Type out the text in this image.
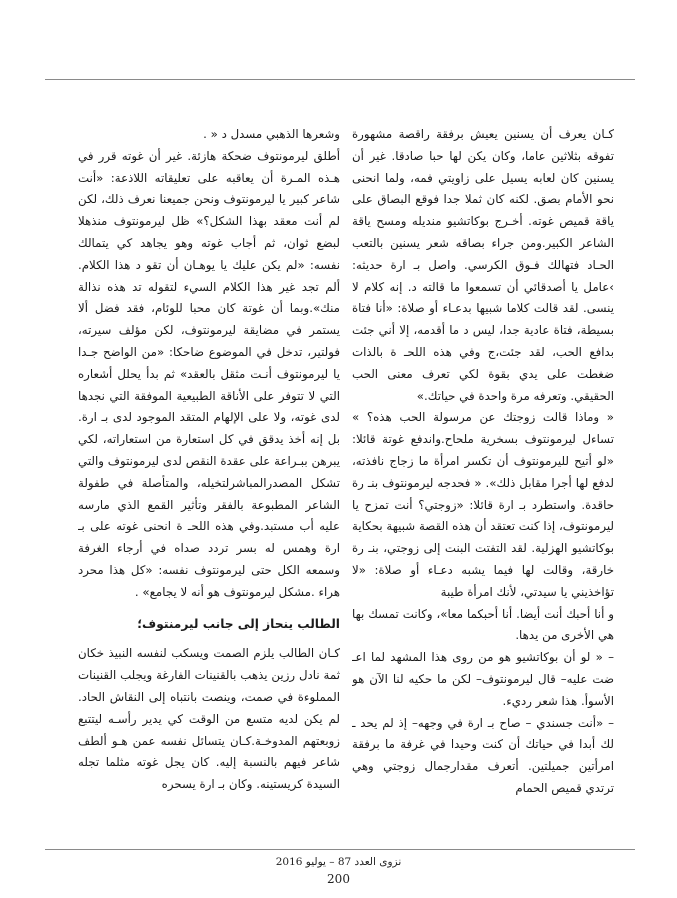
كـان يعرف أن يسنين يعيش برفقة راقصة مشهورة تفوقه بثلاثين عاما، وكان يكن لها حبا صادقا. غير أن يسنين كان لعابه يسيل على زاويتي فمه، ولما انحنى نحو الأمام بصق. لكنه كان ثملا جدا فوقع البصاق على ياقة قميص غوته. أخـرج بوكاتشيو منديله ومسح ياقة الشاعر الكبير.ومن جراء بصاقه شعر يسنين بالتعب الحـاد فتهالك فـوق الكرسي. واصل بـ ارة حديثه: ›عامل يا أصدقائي أن تسمعوا ما قالته د. إنه كلام لا ينسى. لقد قالت كلاما شبيها بدعـاء أو صلاة: «أنا فتاة بسيطة، فتاة عادية جدا، ليس د ما أقدمه، إلا أني جئت بدافع الحب، لقد جئت،ج وفي هذه اللحـ ة بالذات ضغطت على يدي بقوة لكي تعرف معنى الحب الحقيقي. وتعرفه مرة واحدة في حياتك.»

« وماذا قالت زوجتك عن مرسولة الحب هذه؟ » تساءل ليرمونتوف بسخرية ملحاح.واندفع غوتة قائلا: «لو أتيح لليرمونتوف أن تكسر امرأة ما زجاج نافذته، لدفع لها أجرا مقابل ذلك». « فحدجه ليرمونتوف بنـ رة حاقدة. واستطرد بـ ارة قائلا: «زوجتي؟ أنت تمزح يا ليرمونتوف، إذا كنت تعتقد أن هذه القصة شبيهة بحكاية بوكاتشيو الهزلية. لقد التفتت البنت إلى زوجتي، بنـ رة خارقة، وقالت لها فيما يشبه دعـاء أو صلاة: «لا تؤاخذيني يا سيدتي، لأنك امرأة طيبة

و أنا أحبك أنت أيضا. أنا أحبكما معا»، وكانت تمسك بها هي الأخرى من يدها.

– « لو أن بوكاتشيو هو من روى هذا المشهد لما اعـ ضت عليه– قال ليرمونتوف– لكن ما حكيه لنا الآن هو الأسوأ. هذا شعر رديء.

– «أنت جسندي – صاح بـ ارة في وجهه– إذ لم يحد ـ لك أبدا في حياتك أن كنت وحيدا في غرفة ما برفقة امرأتين جميلتين. أتعرف مقدارجمال زوجتي وهي ترتدي قميص الحمام

وشعرها الذهبي مسدل د « .

أطلق ليرمونتوف ضحكة هازئة. غير أن غوته قرر في هـذه المـرة أن يعاقبه على تعليقاته اللاذعة: «أنت شاعر كبير يا ليرمونتوف ونحن جميعنا نعرف ذلك، لكن لم أنت معقد بهذا الشكل؟» ظل ليرمونتوف منذهلا لبضع ثوان، ثم أجاب غوته وهو يجاهد كي يتمالك نفسه: «لم يكن عليك يا يوهـان أن تقو د هذا الكلام. ألم تجد غير هذا الكلام السيء لتقوله تد هذه نذالة منك».وبما أن غوتة كان محبا للوئام، فقد فضل ألا يستمر في مضايقة ليرمونتوف، لكن مؤلف سيرته، فولتير، تدخل في الموضوع ضاحكا: «من الواضح جـدا يا ليرمونتوف أنـت مثقل بالعقد» ثم بدأ يحلل أشعاره التي لا تتوفر على الأناقة الطبيعية الموفقة التي نجدها لدى غوته، ولا على الإلهام المتقد الموجود لدى بـ ارة. بل إنه أخذ يدقق في كل استعارة من استعاراته، لكي يبرهن ببـراعة على عقدة النقص لدى ليرمونتوف والتي تشكل المصدرالمباشرلتخيله، والمتأصلة في طفولة الشاعر المطبوعة بالفقر وتأثير القمع الذي مارسه عليه أب مستبد.وفي هذه اللحـ ة انحنى غوته على بـ ارة وهمس له بسر تردد صداه في أرجاء الغرفة وسمعه الكل حتى ليرمونتوف نفسه: «كل هذا محرد هراء .مشكل ليرمونتوف هو أنه لا يجامع» .

الطالب ينحاز إلى جانب ليرمنتوف؛

كـان الطالب يلزم الصمت ويسكب لنفسه النبيذ خكان ثمة نادل رزين يذهب بالقنينات الفارغة ويجلب القنينات المملوءة في صمت، وينصت بانتباه إلى النقاش الحاد. لم يكن لديه متسع من الوقت كي يدير رأسـه ليتتبع زوبعتهم المدوخـة.كـان يتسائل نفسه عمن هـو ألطف شاعر فيهم بالنسبة إليه. كان يجل غوته مثلما تجله السيدة كريستينه. وكان بـ ارة يسحره

نزوى العدد 87 – يوليو 2016
200
